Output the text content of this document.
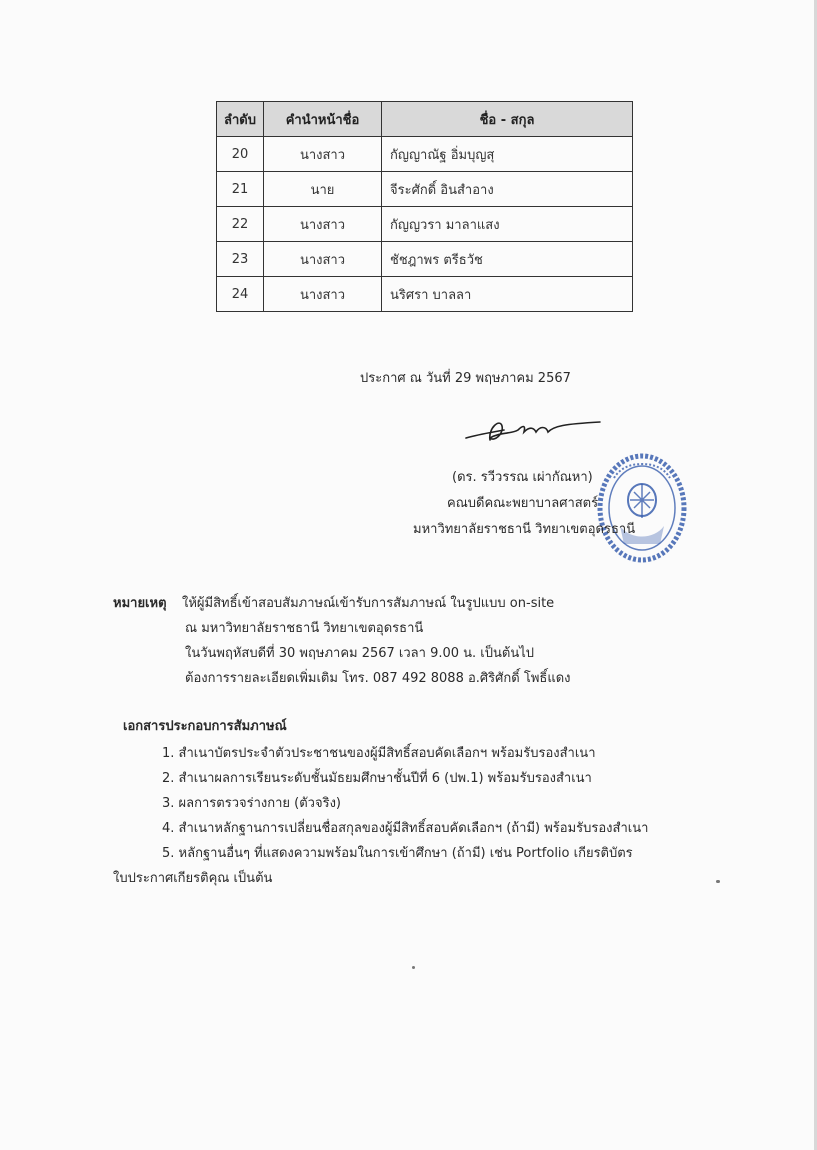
ลำดับ	คำนำหน้าชื่อ	ชื่อ - สกุล
20	นางสาว	กัญญาณัฐ อิ่มบุญสุ
21	นาย	จีระศักดิ์ อินสำอาง
22	นางสาว	กัญญวรา มาลาแสง
23	นางสาว	ชัชฎาพร ตรีธวัช
24	นางสาว	นริศรา บาลลา
ประกาศ ณ วันที่ 29 พฤษภาคม 2567
(ดร. รวีวรรณ เผ่ากัณหา)
คณบดีคณะพยาบาลศาสตร์
มหาวิทยาลัยราชธานี วิทยาเขตอุดรธานี
หมายเหตุ ให้ผู้มีสิทธิ์เข้าสอบสัมภาษณ์เข้ารับการสัมภาษณ์ ในรูปแบบ on-site
ณ มหาวิทยาลัยราชธานี วิทยาเขตอุดรธานี
ในวันพฤหัสบดีที่ 30 พฤษภาคม 2567 เวลา 9.00 น. เป็นต้นไป
ต้องการรายละเอียดเพิ่มเติม โทร. 087 492 8088 อ.ศิริศักดิ์ โพธิ์แดง
เอกสารประกอบการสัมภาษณ์
1. สำเนาบัตรประจำตัวประชาชนของผู้มีสิทธิ์สอบคัดเลือกฯ พร้อมรับรองสำเนา
2. สำเนาผลการเรียนระดับชั้นมัธยมศึกษาชั้นปีที่ 6 (ปพ.1) พร้อมรับรองสำเนา
3. ผลการตรวจร่างกาย (ตัวจริง)
4. สำเนาหลักฐานการเปลี่ยนชื่อสกุลของผู้มีสิทธิ์สอบคัดเลือกฯ (ถ้ามี) พร้อมรับรองสำเนา
5. หลักฐานอื่นๆ ที่แสดงความพร้อมในการเข้าศึกษา (ถ้ามี) เช่น Portfolio เกียรติบัตร
ใบประกาศเกียรติคุณ เป็นต้น
